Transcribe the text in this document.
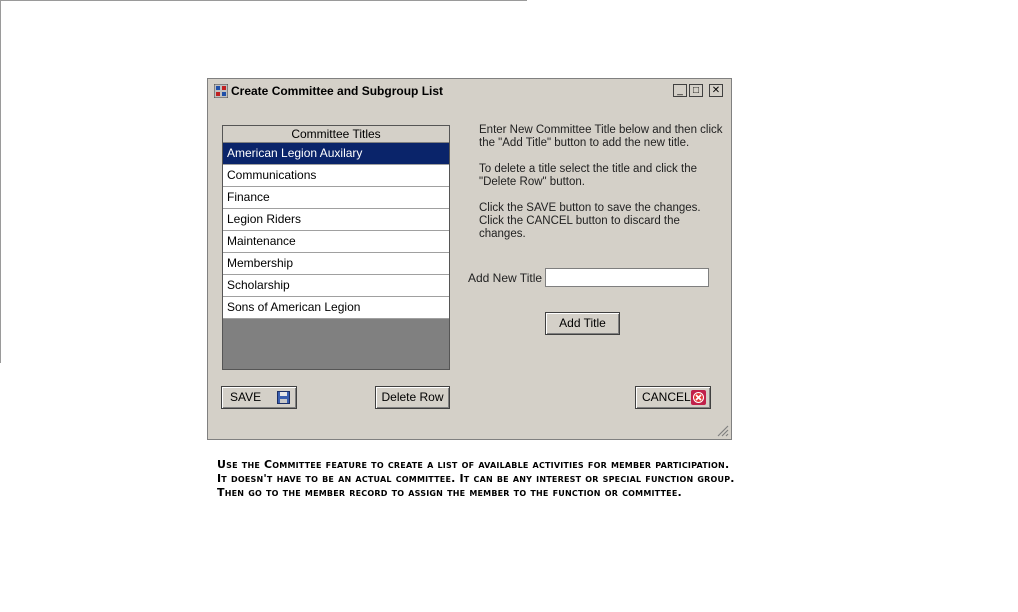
Create Committee and Subgroup List	_	□	✕
Committee Titles
American Legion Auxilary
Communications
Finance
Legion Riders
Maintenance
Membership
Scholarship
Sons of American Legion
Enter New Committee Title below and then click the "Add Title" button to add the new title.
To delete a title select the title and click the "Delete Row" button.
Click the SAVE button to save the changes.
Click the CANCEL button to discard the changes.
Add New Title
Add Title
SAVE	Delete Row	CANCEL
Use the Committee feature to create a list of available activities for member participation. It doesn't have to be an actual committee. It can be any interest or special function group. Then go to the member record to assign the member to the function or committee.
